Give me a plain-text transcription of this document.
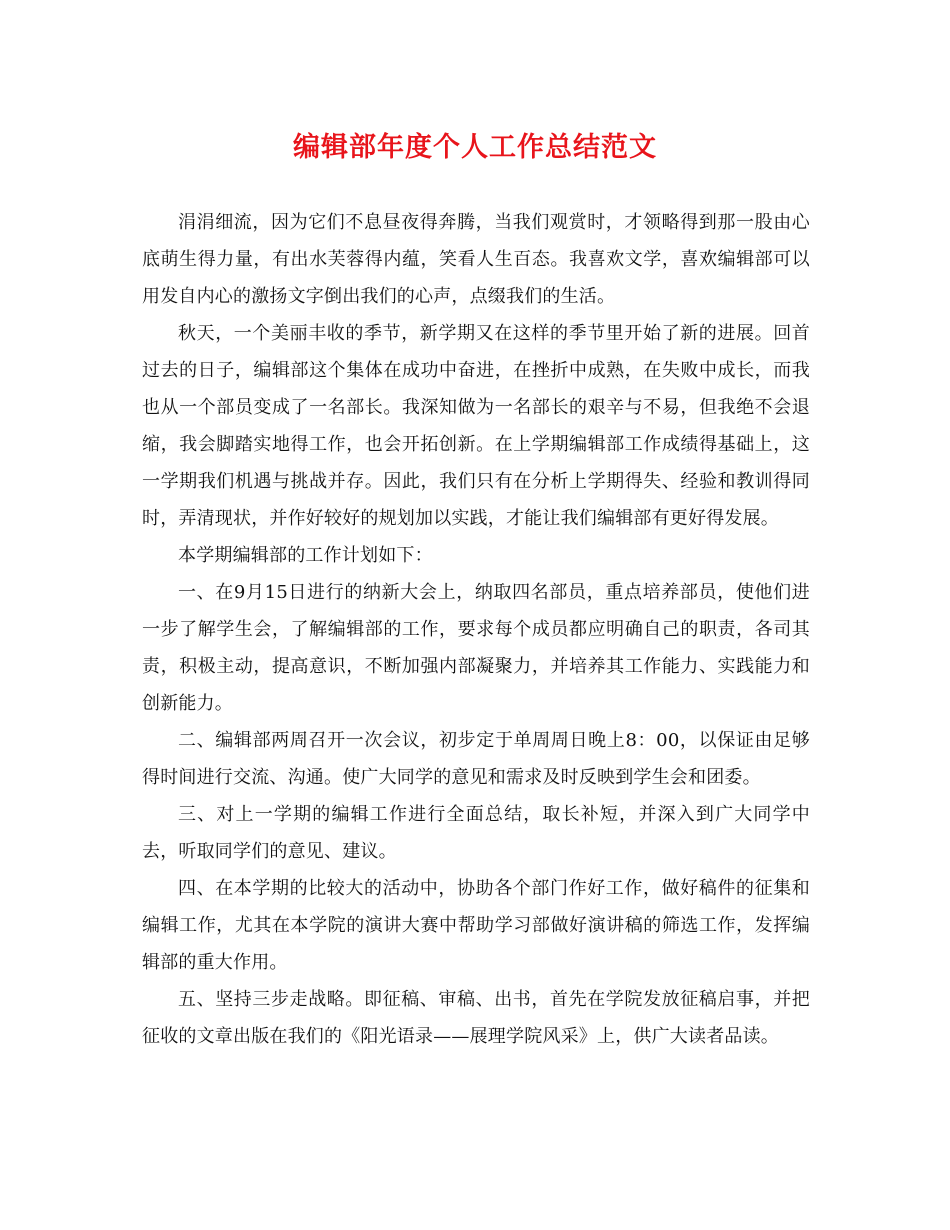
编辑部年度个人工作总结范文

涓涓细流，因为它们不息昼夜得奔腾，当我们观赏时，才领略得到那一股由心底萌生得力量，有出水芙蓉得内蕴，笑看人生百态。我喜欢文学，喜欢编辑部可以用发自内心的激扬文字倒出我们的心声，点缀我们的生活。

秋天，一个美丽丰收的季节，新学期又在这样的季节里开始了新的进展。回首过去的日子，编辑部这个集体在成功中奋进，在挫折中成熟，在失败中成长，而我也从一个部员变成了一名部长。我深知做为一名部长的艰辛与不易，但我绝不会退缩，我会脚踏实地得工作，也会开拓创新。在上学期编辑部工作成绩得基础上，这一学期我们机遇与挑战并存。因此，我们只有在分析上学期得失、经验和教训得同时，弄清现状，并作好较好的规划加以实践，才能让我们编辑部有更好得发展。

本学期编辑部的工作计划如下：

一、在9月15日进行的纳新大会上，纳取四名部员，重点培养部员，使他们进一步了解学生会，了解编辑部的工作，要求每个成员都应明确自己的职责，各司其责，积极主动，提高意识，不断加强内部凝聚力，并培养其工作能力、实践能力和创新能力。

二、编辑部两周召开一次会议，初步定于单周周日晚上8：00，以保证由足够得时间进行交流、沟通。使广大同学的意见和需求及时反映到学生会和团委。

三、对上一学期的编辑工作进行全面总结，取长补短，并深入到广大同学中去，听取同学们的意见、建议。

四、在本学期的比较大的活动中，协助各个部门作好工作，做好稿件的征集和编辑工作，尤其在本学院的演讲大赛中帮助学习部做好演讲稿的筛选工作，发挥编辑部的重大作用。

五、坚持三步走战略。即征稿、审稿、出书，首先在学院发放征稿启事，并把征收的文章出版在我们的《阳光语录——展理学院风采》上，供广大读者品读。
